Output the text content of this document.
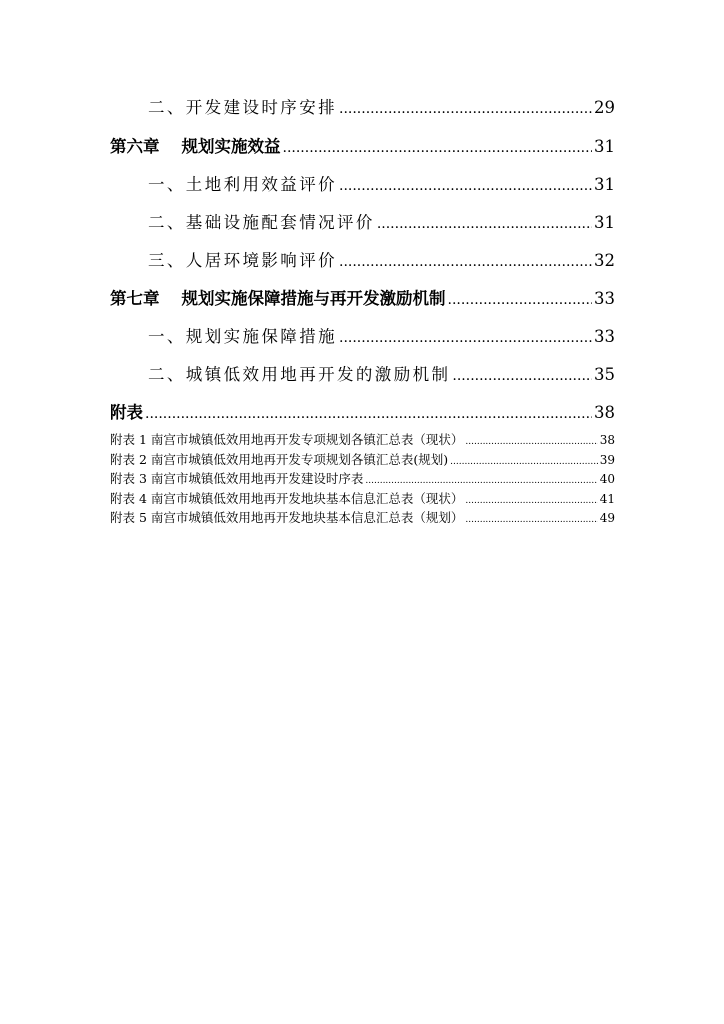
二、开发建设时序安排 .....	29
第六章 规划实施效益 .....	31
一、土地利用效益评价 .....	31
二、基础设施配套情况评价 .....	31
三、人居环境影响评价 .....	32
第七章 规划实施保障措施与再开发激励机制 .....	33
一、规划实施保障措施 .....	33
二、城镇低效用地再开发的激励机制 .....	35
附表 .....	38
附表 1 南宫市城镇低效用地再开发专项规划各镇汇总表（现状） .....	38
附表 2 南宫市城镇低效用地再开发专项规划各镇汇总表(规划) .....	39
附表 3 南宫市城镇低效用地再开发建设时序表 .....	40
附表 4 南宫市城镇低效用地再开发地块基本信息汇总表（现状） .....	41
附表 5 南宫市城镇低效用地再开发地块基本信息汇总表（规划） .....	49
